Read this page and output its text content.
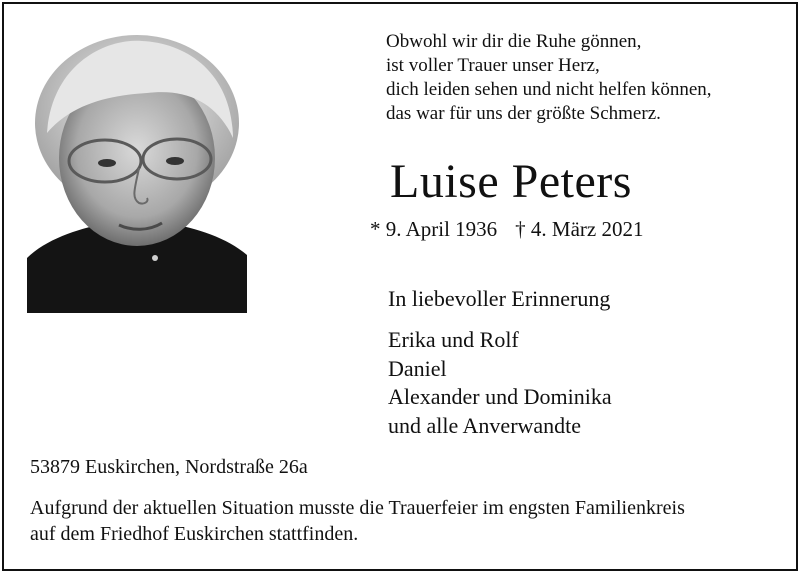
Obwohl wir dir die Ruhe gönnen,
ist voller Trauer unser Herz,
dich leiden sehen und nicht helfen können,
das war für uns der größte Schmerz.
Luise Peters
* 9. April 1936 † 4. März 2021
In liebevoller Erinnerung
Erika und Rolf
Daniel
Alexander und Dominika
und alle Anverwandte
53879 Euskirchen, Nordstraße 26a
Aufgrund der aktuellen Situation musste die Trauerfeier im engsten Familienkreis
auf dem Friedhof Euskirchen stattfinden.
